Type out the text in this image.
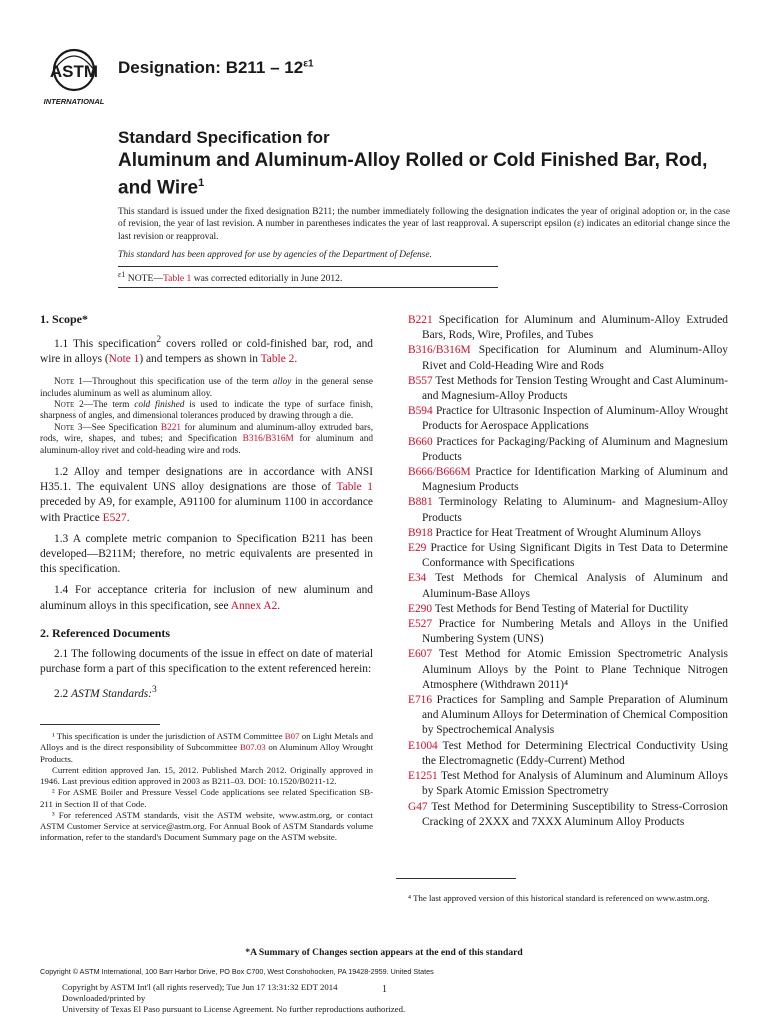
ASTM
INTERNATIONAL
Designation: $B211 - 12^{\varepsilon 1}$
Standard Specification for
Aluminum and Aluminum-Alloy Rolled or Cold Finished Bar, Rod, and Wire$^1$
This standard is issued under the fixed designation B211; the number immediately following the designation indicates the year of original adoption or, in the case of revision, the year of last revision. A number in parentheses indicates the year of last reapproval. A superscript epsilon (ε) indicates an editorial change since the last revision or reapproval.
This standard has been approved for use by agencies of the Department of Defense.
$^{\varepsilon 1}$ NOTE—Table 1 was corrected editorially in June 2012.
1. Scope*

1.1 This specification$^2$ covers rolled or cold-finished bar, rod, and wire in alloys (Note 1) and tempers as shown in Table 2.

Note 1—Throughout this specification use of the term alloy in the general sense includes aluminum as well as aluminum alloy.

Note 2—The term cold finished is used to indicate the type of surface finish, sharpness of angles, and dimensional tolerances produced by drawing through a die.

Note 3—See Specification B221 for aluminum and aluminum-alloy extruded bars, rods, wire, shapes, and tubes; and Specification B316/B316M for aluminum and aluminum-alloy rivet and cold-heading wire and rods.

1.2 Alloy and temper designations are in accordance with ANSI H35.1. The equivalent UNS alloy designations are those of Table 1 preceded by A9, for example, A91100 for aluminum 1100 in accordance with Practice E527.

1.3 A complete metric companion to Specification B211 has been developed—B211M; therefore, no metric equivalents are presented in this specification.

1.4 For acceptance criteria for inclusion of new aluminum and aluminum alloys in this specification, see Annex A2.

2. Referenced Documents

2.1 The following documents of the issue in effect on date of material purchase form a part of this specification to the extent referenced herein:

2.2 ASTM Standards:$^3$

¹ This specification is under the jurisdiction of ASTM Committee B07 on Light Metals and Alloys and is the direct responsibility of Subcommittee B07.03 on Aluminum Alloy Wrought Products.

Current edition approved Jan. 15, 2012. Published March 2012. Originally approved in 1946. Last previous edition approved in 2003 as B211–03. DOI: 10.1520/B0211-12.

² For ASME Boiler and Pressure Vessel Code applications see related Specification SB-211 in Section II of that Code.

³ For referenced ASTM standards, visit the ASTM website, www.astm.org, or contact ASTM Customer Service at service@astm.org. For Annual Book of ASTM Standards volume information, refer to the standard's Document Summary page on the ASTM website.

B221 Specification for Aluminum and Aluminum-Alloy Extruded Bars, Rods, Wire, Profiles, and Tubes

B316/B316M Specification for Aluminum and Aluminum-Alloy Rivet and Cold-Heading Wire and Rods

B557 Test Methods for Tension Testing Wrought and Cast Aluminum- and Magnesium-Alloy Products

B594 Practice for Ultrasonic Inspection of Aluminum-Alloy Wrought Products for Aerospace Applications

B660 Practices for Packaging/Packing of Aluminum and Magnesium Products

B666/B666M Practice for Identification Marking of Aluminum and Magnesium Products

B881 Terminology Relating to Aluminum- and Magnesium-Alloy Products

B918 Practice for Heat Treatment of Wrought Aluminum Alloys

E29 Practice for Using Significant Digits in Test Data to Determine Conformance with Specifications

E34 Test Methods for Chemical Analysis of Aluminum and Aluminum-Base Alloys

E290 Test Methods for Bend Testing of Material for Ductility

E527 Practice for Numbering Metals and Alloys in the Unified Numbering System (UNS)

E607 Test Method for Atomic Emission Spectrometric Analysis Aluminum Alloys by the Point to Plane Technique Nitrogen Atmosphere (Withdrawn 2011)⁴

E716 Practices for Sampling and Sample Preparation of Aluminum and Aluminum Alloys for Determination of Chemical Composition by Spectrochemical Analysis

E1004 Test Method for Determining Electrical Conductivity Using the Electromagnetic (Eddy-Current) Method

E1251 Test Method for Analysis of Aluminum and Aluminum Alloys by Spark Atomic Emission Spectrometry

G47 Test Method for Determining Susceptibility to Stress-Corrosion Cracking of 2XXX and 7XXX Aluminum Alloy Products

⁴ The last approved version of this historical standard is referenced on www.astm.org.

*A Summary of Changes section appears at the end of this standard
Copyright © ASTM International, 100 Barr Harbor Drive, PO Box C700, West Conshohocken, PA 19428-2959. United States
Copyright by ASTM Int'l (all rights reserved); Tue Jun 17 13:31:32 EDT 2014
Downloaded/printed by
University of Texas El Paso pursuant to License Agreement. No further reproductions authorized.
1
